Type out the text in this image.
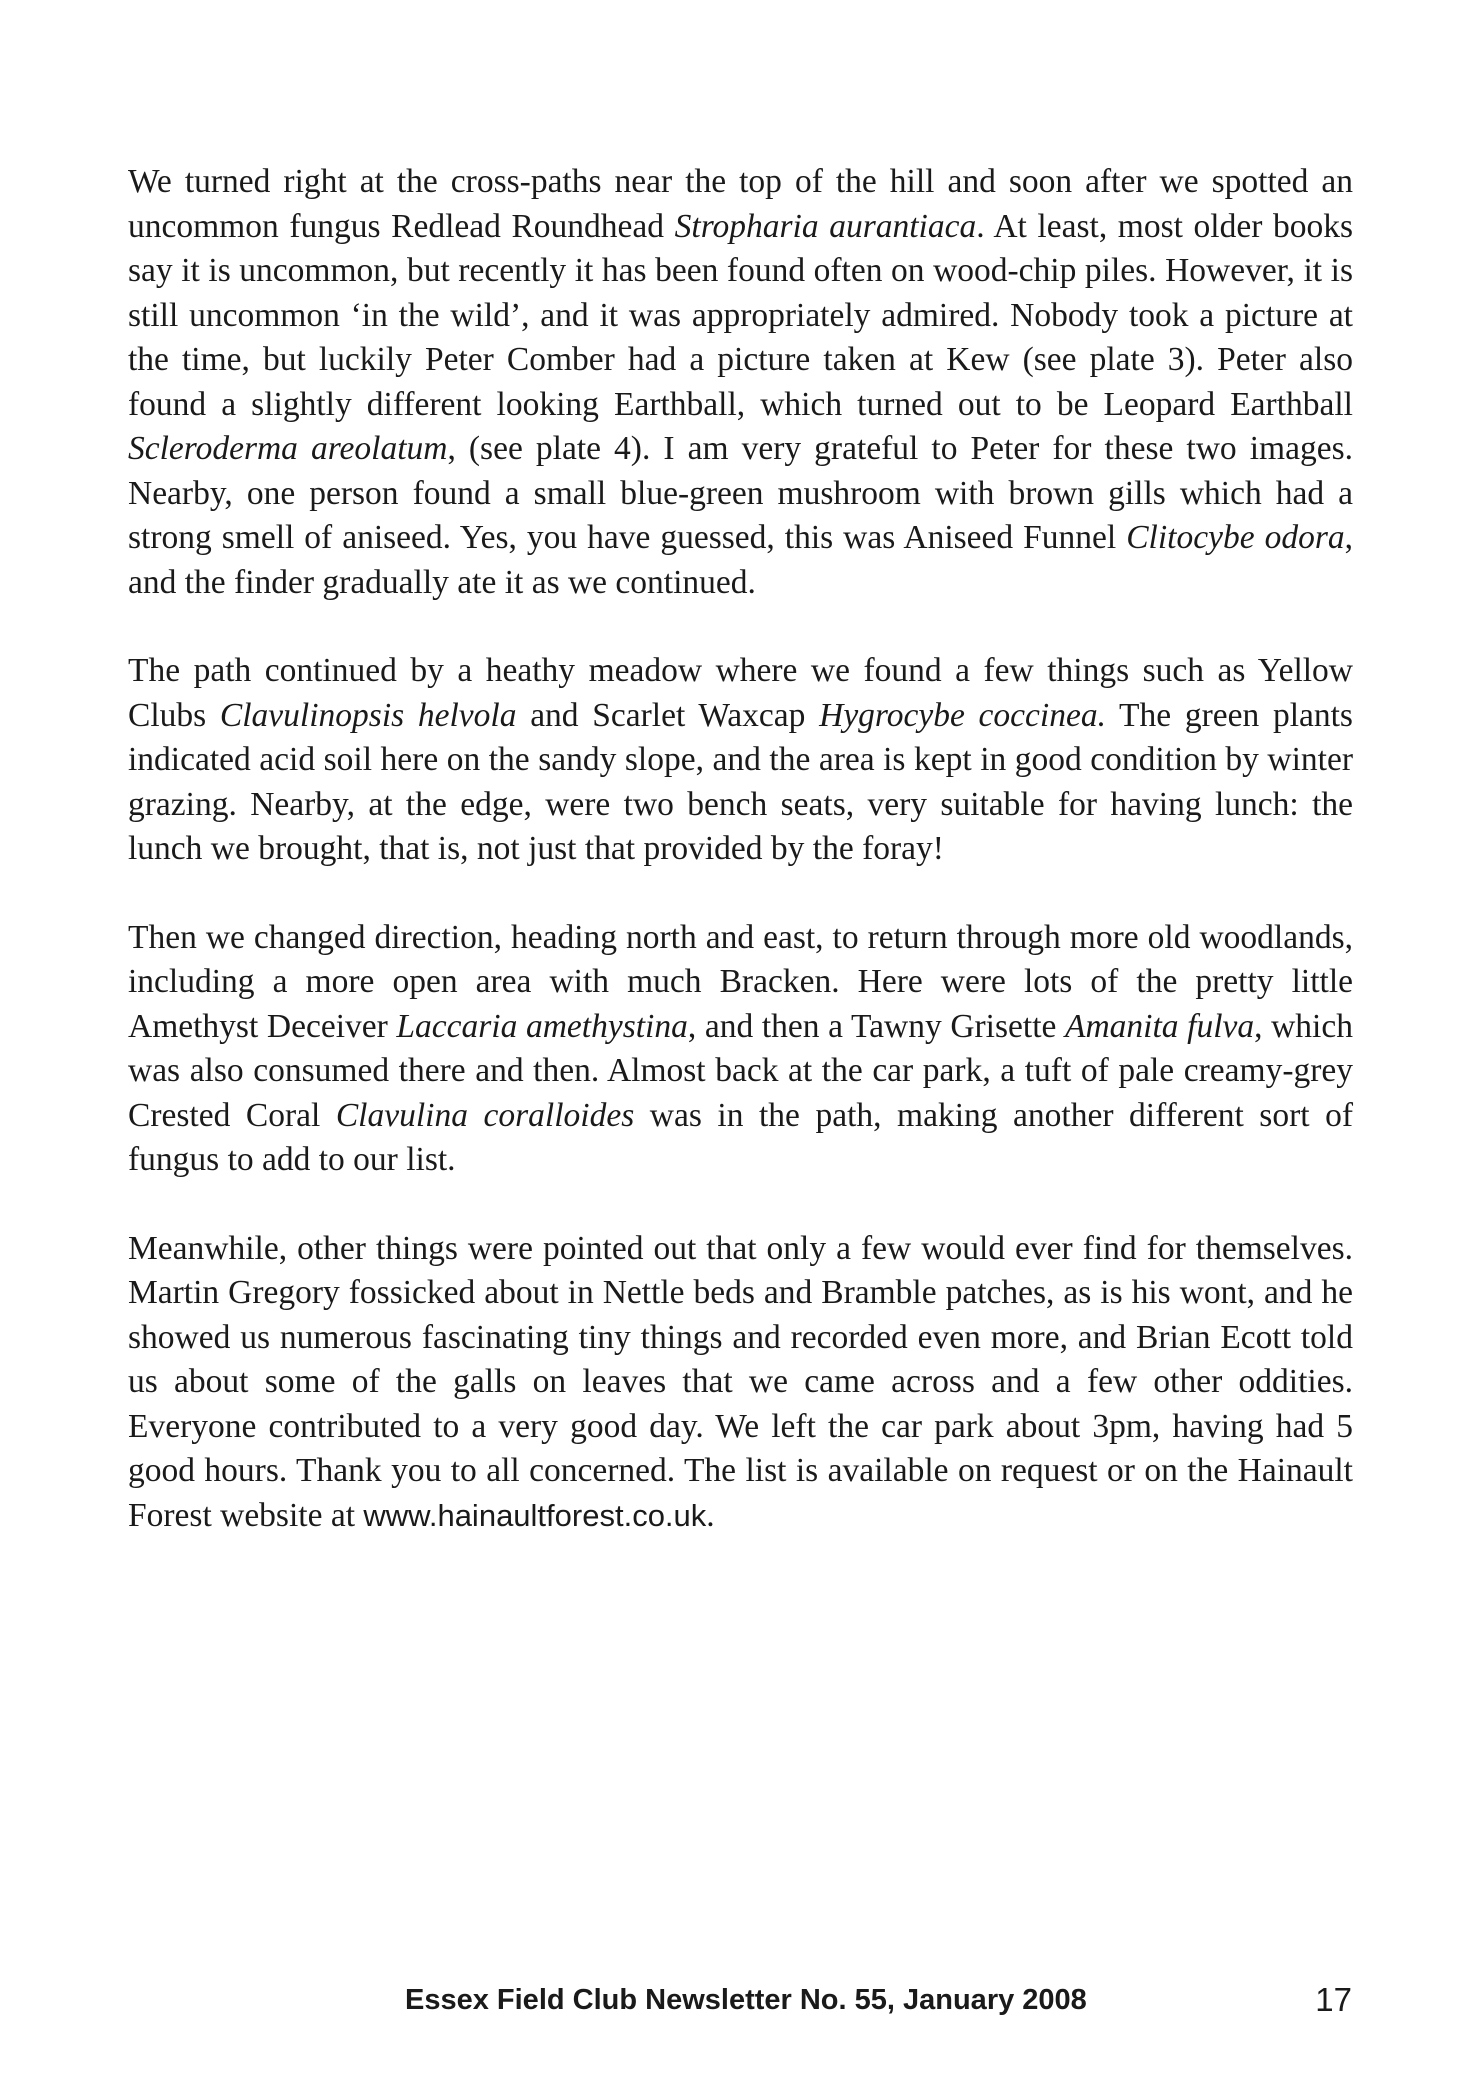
We turned right at the cross-paths near the top of the hill and soon after we spotted an uncommon fungus Redlead Roundhead Stropharia aurantiaca. At least, most older books say it is uncommon, but recently it has been found often on wood-chip piles. However, it is still uncommon ‘in the wild’, and it was appropriately admired. Nobody took a picture at the time, but luckily Peter Comber had a picture taken at Kew (see plate 3). Peter also found a slightly different looking Earthball, which turned out to be Leopard Earthball Scleroderma areolatum, (see plate 4). I am very grateful to Peter for these two images. Nearby, one person found a small blue-green mushroom with brown gills which had a strong smell of aniseed. Yes, you have guessed, this was Aniseed Funnel Clitocybe odora, and the finder gradually ate it as we continued.

The path continued by a heathy meadow where we found a few things such as Yellow Clubs Clavulinopsis helvola and Scarlet Waxcap Hygrocybe coccinea. The green plants indicated acid soil here on the sandy slope, and the area is kept in good condition by winter grazing. Nearby, at the edge, were two bench seats, very suitable for having lunch: the lunch we brought, that is, not just that provided by the foray!

Then we changed direction, heading north and east, to return through more old woodlands, including a more open area with much Bracken. Here were lots of the pretty little Amethyst Deceiver Laccaria amethystina, and then a Tawny Grisette Amanita fulva, which was also consumed there and then. Almost back at the car park, a tuft of pale creamy-grey Crested Coral Clavulina coralloides was in the path, making another different sort of fungus to add to our list.

Meanwhile, other things were pointed out that only a few would ever find for themselves. Martin Gregory fossicked about in Nettle beds and Bramble patches, as is his wont, and he showed us numerous fascinating tiny things and recorded even more, and Brian Ecott told us about some of the galls on leaves that we came across and a few other oddities. Everyone contributed to a very good day. We left the car park about 3pm, having had 5 good hours. Thank you to all concerned. The list is available on request or on the Hainault Forest website at www.hainaultforest.co.uk.

Essex Field Club Newsletter No. 55, January 2008	17
